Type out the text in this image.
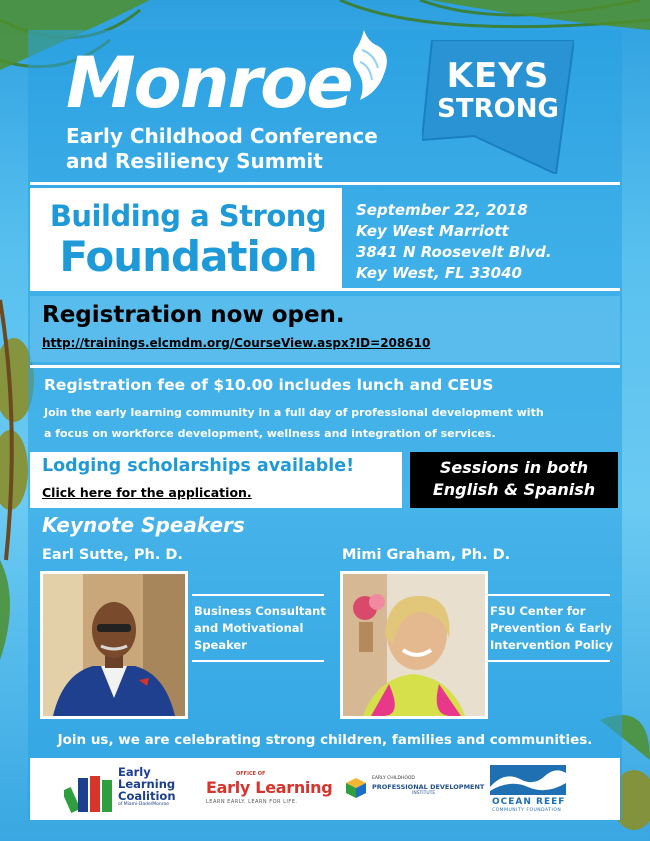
Monroe
Early Childhood Conference
and Resiliency Summit
KEYS
STRONG
Building a Strong
Foundation
September 22, 2018
Key West Marriott
3841 N Roosevelt Blvd.
Key West, FL 33040
Registration now open.
http://trainings.elcmdm.org/CourseView.aspx?ID=208610
Registration fee of $10.00 includes lunch and CEUS
Join the early learning community in a full day of professional development with
a focus on workforce development, wellness and integration of services.
Lodging scholarships available!
Click here for the application.
Sessions in both
English & Spanish
Keynote Speakers
Earl Sutte, Ph. D.
Business Consultant
and Motivational
Speaker
Mimi Graham, Ph. D.
FSU Center for
Prevention & Early
Intervention Policy
Join us, we are celebrating strong children, families and communities.
Early
Learning
Coalition
of Miami-Dade/Monroe
OFFICE OF
Early Learning
LEARN EARLY. LEARN FOR LIFE.
EARLY CHILDHOOD
PROFESSIONAL DEVELOPMENT
INSTITUTE
OCEAN REEF
COMMUNITY FOUNDATION
